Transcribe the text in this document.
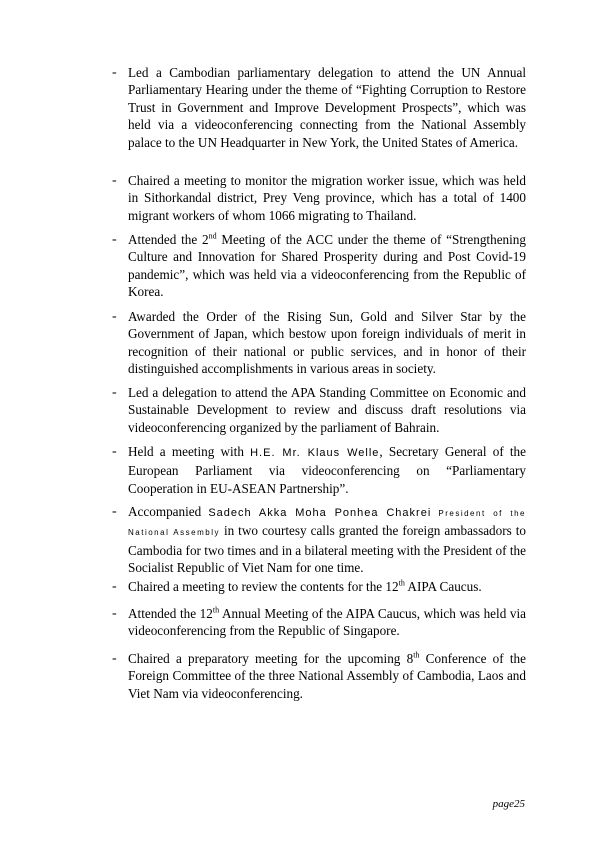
- Led a Cambodian parliamentary delegation to attend the UN Annual Parliamentary Hearing under the theme of “Fighting Corruption to Restore Trust in Government and Improve Development Prospects”, which was held via a videoconferencing connecting from the National Assembly palace to the UN Headquarter in New York, the United States of America.
- Chaired a meeting to monitor the migration worker issue, which was held in Sithorkandal district, Prey Veng province, which has a total of 1400 migrant workers of whom 1066 migrating to Thailand.
- Attended the 2nd Meeting of the ACC under the theme of “Strengthening Culture and Innovation for Shared Prosperity during and Post Covid-19 pandemic”, which was held via a videoconferencing from the Republic of Korea.
- Awarded the Order of the Rising Sun, Gold and Silver Star by the Government of Japan, which bestow upon foreign individuals of merit in recognition of their national or public services, and in honor of their distinguished accomplishments in various areas in society.
- Led a delegation to attend the APA Standing Committee on Economic and Sustainable Development to review and discuss draft resolutions via videoconferencing organized by the parliament of Bahrain.
- Held a meeting with H.E. Mr. Klaus Welle, Secretary General of the European Parliament via videoconferencing on “Parliamentary Cooperation in EU-ASEAN Partnership”.
- Accompanied Sadech Akka Moha Ponhea Chakrei President of the National Assembly in two courtesy calls granted the foreign ambassadors to Cambodia for two times and in a bilateral meeting with the President of the Socialist Republic of Viet Nam for one time.
- Chaired a meeting to review the contents for the 12th AIPA Caucus.
- Attended the 12th Annual Meeting of the AIPA Caucus, which was held via videoconferencing from the Republic of Singapore.
- Chaired a preparatory meeting for the upcoming 8th Conference of the Foreign Committee of the three National Assembly of Cambodia, Laos and Viet Nam via videoconferencing.
page25
